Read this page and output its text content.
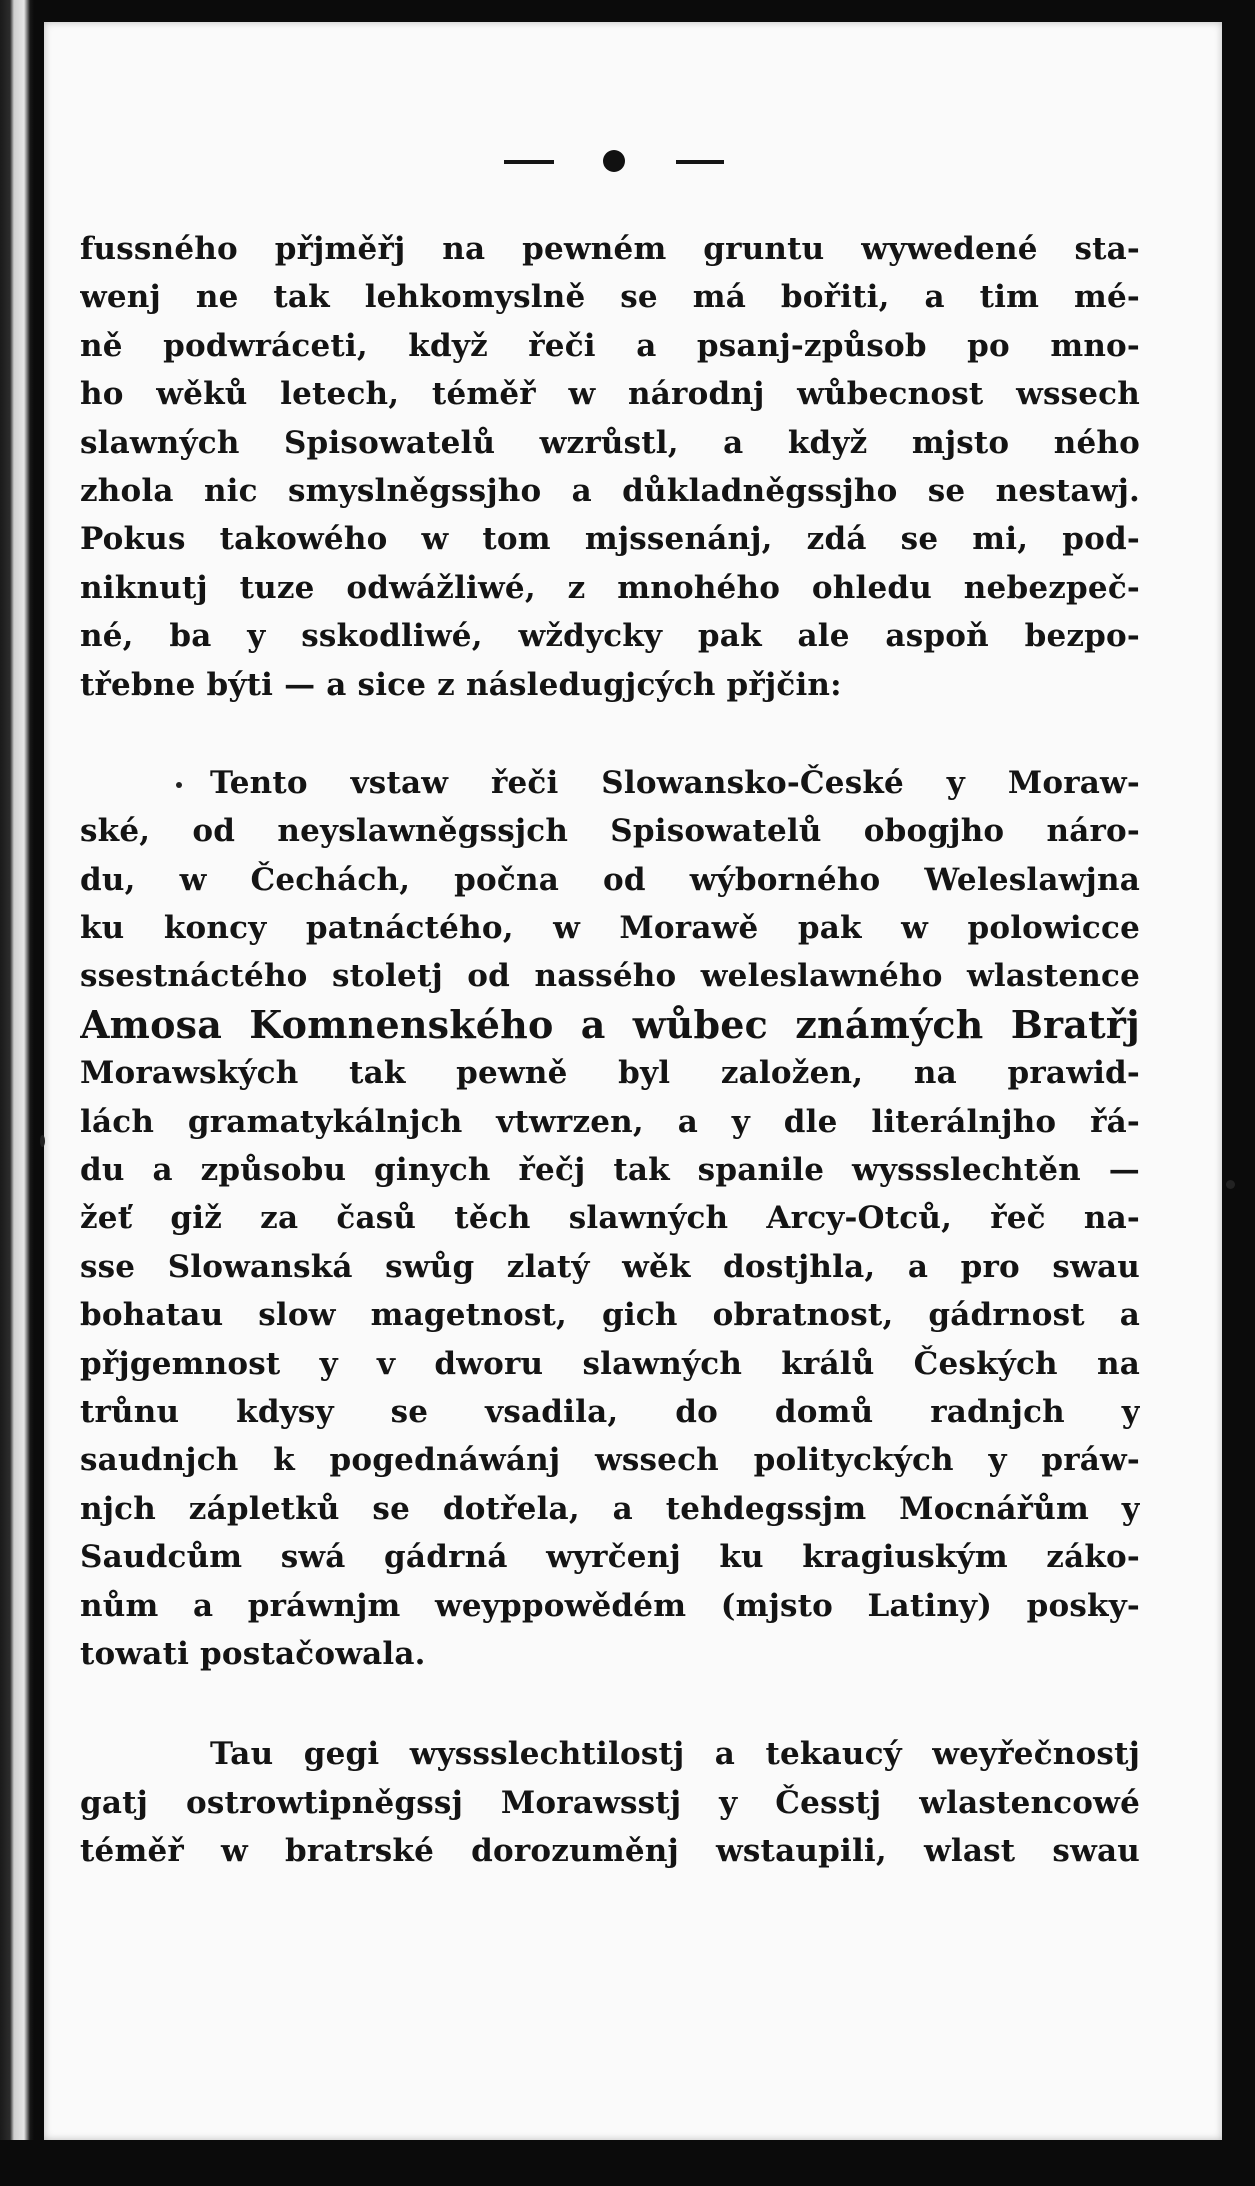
fussného přjměřj na pewném gruntu wywedené sta-
wenj ne tak lehkomyslně se má bořiti, a tim mé-
ně podwráceti, když řeči a psanj-způsob po mno-
ho wěků letech, téměř w národnj wůbecnost wssech
slawných Spisowatelů wzrůstl, a když mjsto ného
zhola nic smyslněgssjho a důkladněgssjho se nestawj.
Pokus takowého w tom mjssenánj, zdá se mi, pod-
niknutj tuze odwážliwé, z mnohého ohledu nebezpeč-
né, ba y sskodliwé, wždycky pak ale aspoň bezpo-
třebne býti — a sice z následugjcých přjčin:

Tento vstaw řeči Slowansko-České y Moraw-
ské, od neyslawněgssjch Spisowatelů obogjho náro-
du, w Čechách, počna od wýborného Weleslawjna
ku koncy patnáctého, w Morawě pak w polowicce
ssestnáctého stoletj od nassého weleslawného wlastence
Amosa Komnenského a wůbec známých Bratřj
Morawských tak pewně byl založen, na prawid-
lách gramatykálnjch vtwrzen, a y dle literálnjho řá-
du a způsobu ginych řečj tak spanile wyssslechtěn —
žeť giž za časů těch slawných Arcy-Otců, řeč na-
sse Slowanská swůg zlatý wěk dostjhla, a pro swau
bohatau slow magetnost, gich obratnost, gádrnost a
přjgemnost y v dworu slawných králů Českých na
trůnu kdysy se vsadila, do domů radnjch y
saudnjch k pogednáwánj wssech polityckých y práw-
njch zápletků se dotřela, a tehdegssjm Mocnářům y
Saudcům swá gádrná wyrčenj ku kragiuským záko-
nům a práwnjm weyppowědém (mjsto Latiny) posky-
towati postačowala.

Tau gegi wyssslechtilostj a tekaucý weyřečnostj
gatj ostrowtipněgssj Morawsstj y Česstj wlastencowé
téměř w bratrské dorozuměnj wstaupili, wlast swau
